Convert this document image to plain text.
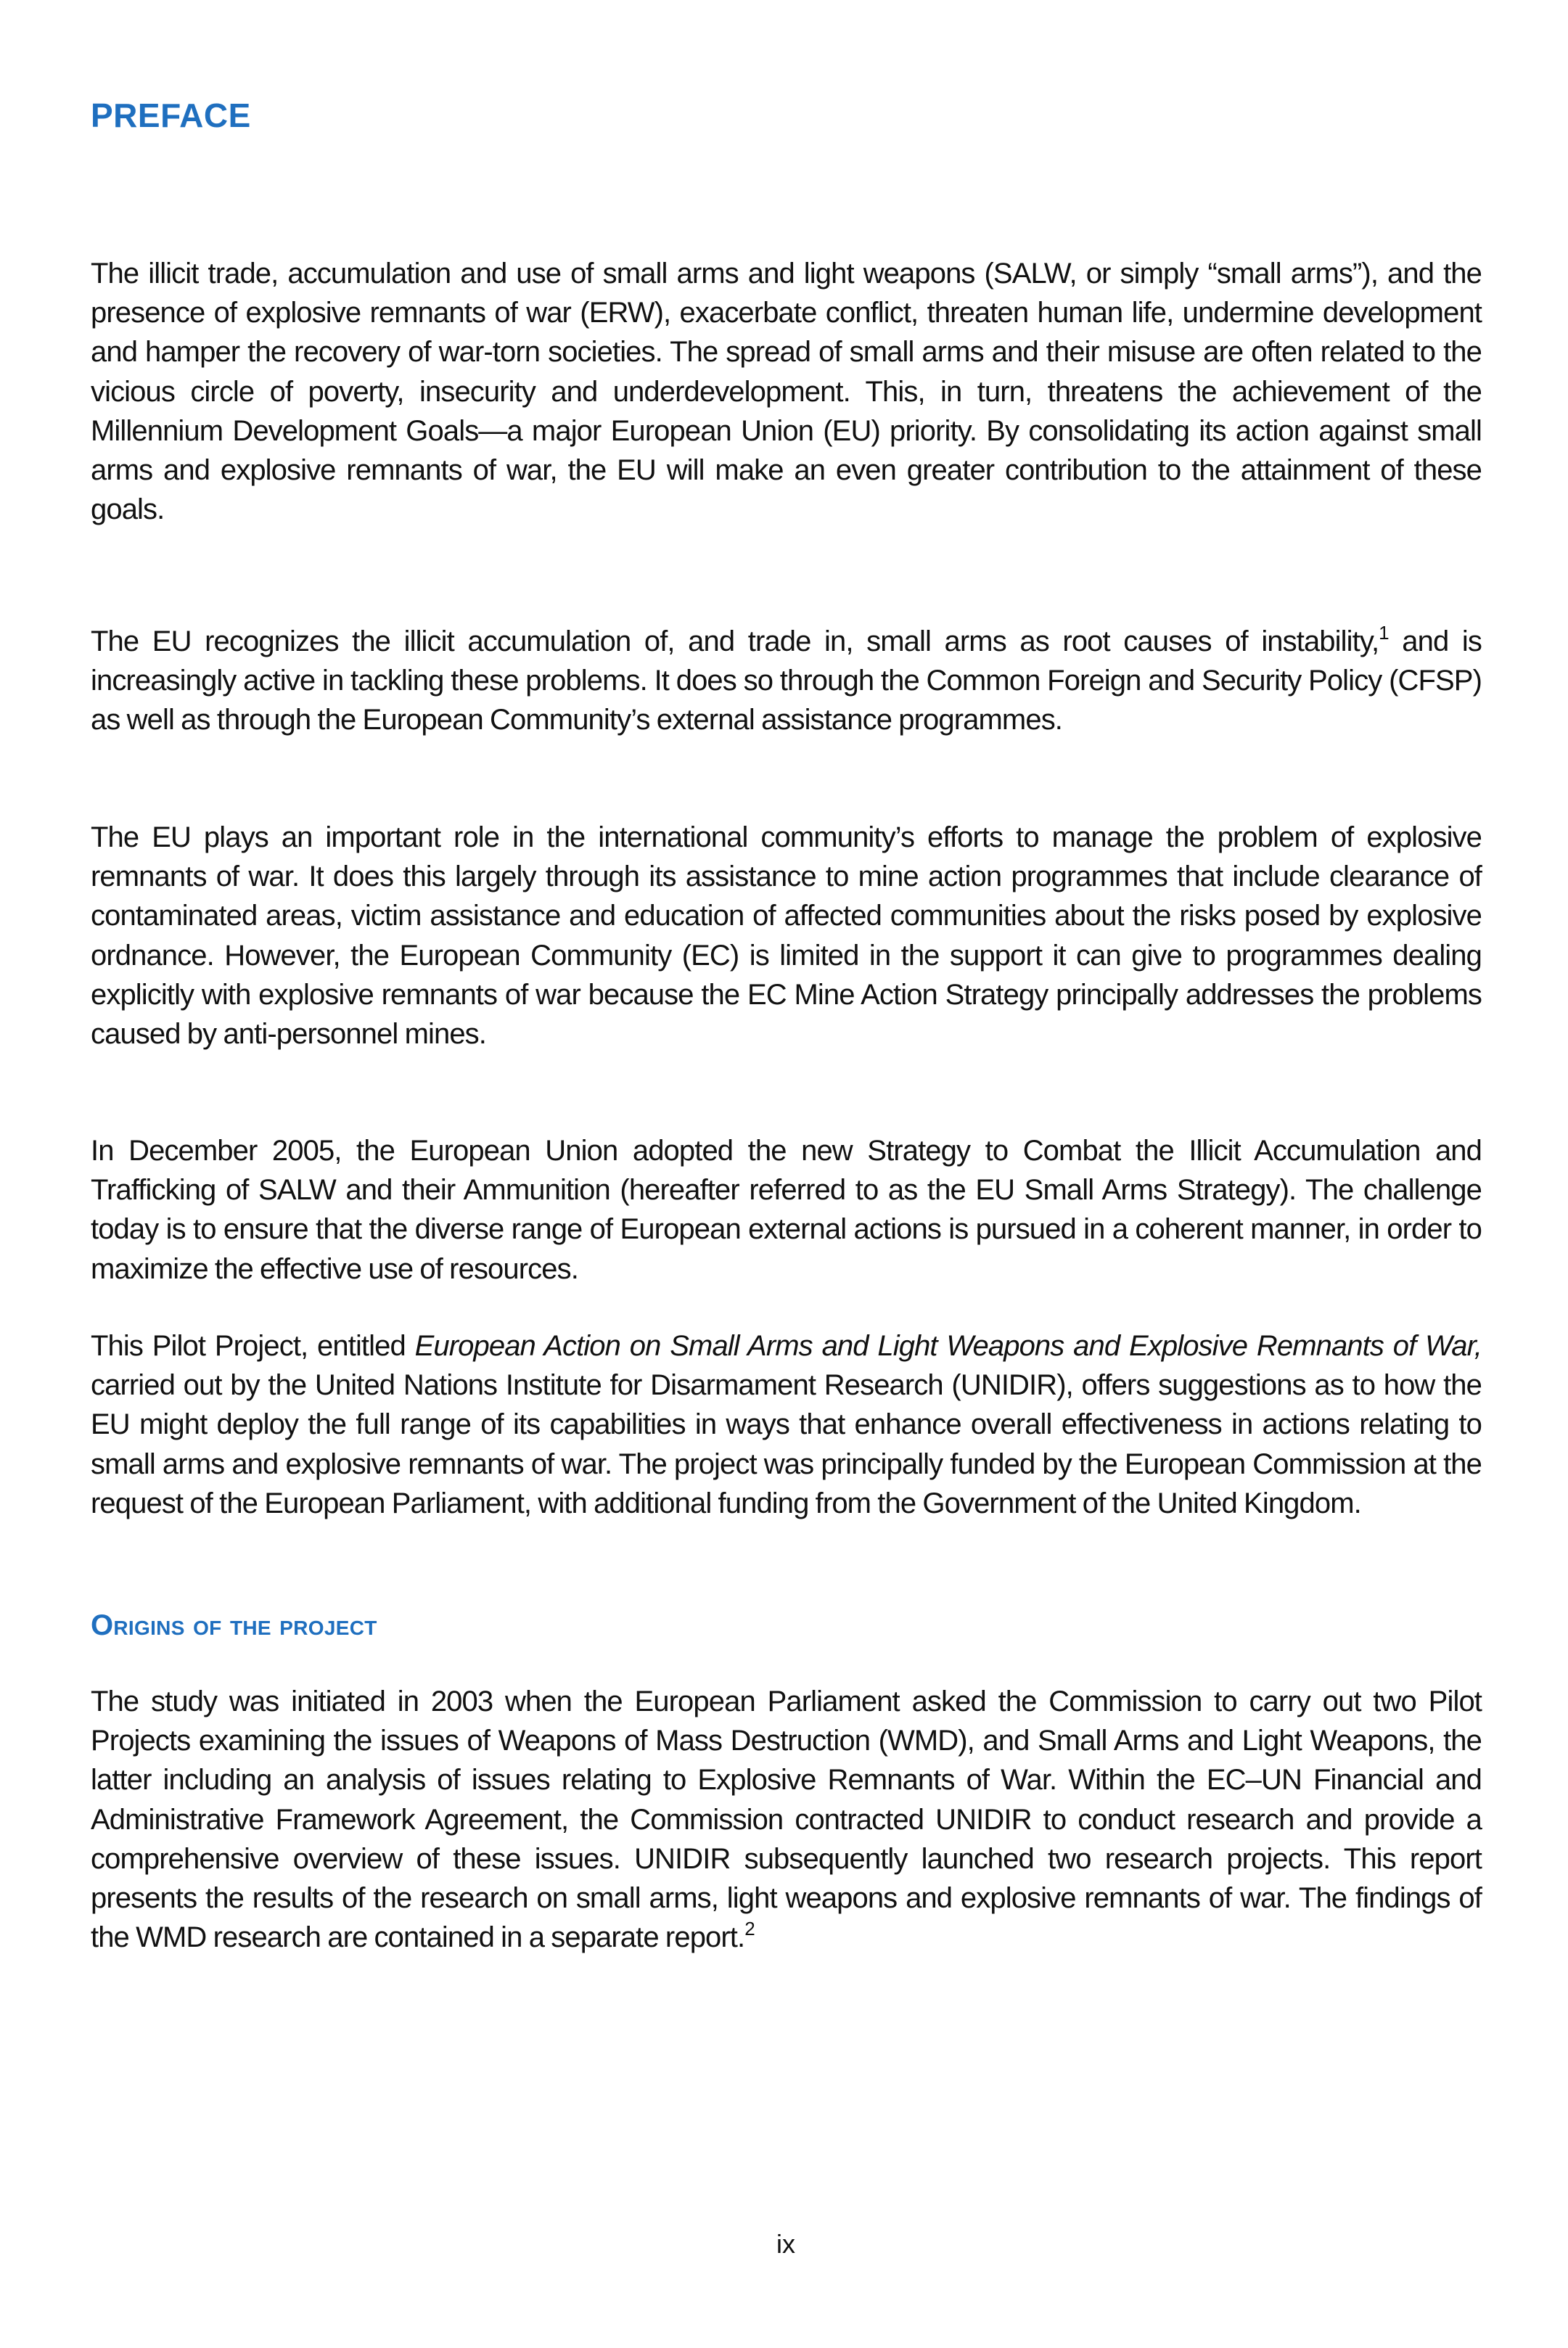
PREFACE

The illicit trade, accumulation and use of small arms and light weapons (SALW, or simply “small arms”), and the presence of explosive remnants of war (ERW), exacerbate conflict, threaten human life, undermine development and hamper the recovery of war-torn societies. The spread of small arms and their misuse are often related to the vicious circle of poverty, insecurity and underdevelopment. This, in turn, threatens the achievement of the Millennium Development Goals—a major European Union (EU) priority. By consolidating its action against small arms and explosive remnants of war, the EU will make an even greater contribution to the attainment of these goals.

The EU recognizes the illicit accumulation of, and trade in, small arms as root causes of instability,$^1$ and is increasingly active in tackling these problems. It does so through the Common Foreign and Security Policy (CFSP) as well as through the European Community’s external assistance programmes.

The EU plays an important role in the international community’s efforts to manage the problem of explosive remnants of war. It does this largely through its assistance to mine action programmes that include clearance of contaminated areas, victim assistance and education of affected communities about the risks posed by explosive ordnance. However, the European Community (EC) is limited in the support it can give to programmes dealing explicitly with explosive remnants of war because the EC Mine Action Strategy principally addresses the problems caused by anti-personnel mines.

In December 2005, the European Union adopted the new Strategy to Combat the Illicit Accumulation and Trafficking of SALW and their Ammunition (hereafter referred to as the EU Small Arms Strategy). The challenge today is to ensure that the diverse range of European external actions is pursued in a coherent manner, in order to maximize the effective use of resources.

This Pilot Project, entitled European Action on Small Arms and Light Weapons and Explosive Remnants of War, carried out by the United Nations Institute for Disarmament Research (UNIDIR), offers suggestions as to how the EU might deploy the full range of its capabilities in ways that enhance overall effectiveness in actions relating to small arms and explosive remnants of war. The project was principally funded by the European Commission at the request of the European Parliament, with additional funding from the Government of the United Kingdom.

Origins of the project

The study was initiated in 2003 when the European Parliament asked the Commission to carry out two Pilot Projects examining the issues of Weapons of Mass Destruction (WMD), and Small Arms and Light Weapons, the latter including an analysis of issues relating to Explosive Remnants of War. Within the EC–UN Financial and Administrative Framework Agreement, the Commission contracted UNIDIR to conduct research and provide a comprehensive overview of these issues. UNIDIR subsequently launched two research projects. This report presents the results of the research on small arms, light weapons and explosive remnants of war. The findings of the WMD research are contained in a separate report.$^2$

ix
